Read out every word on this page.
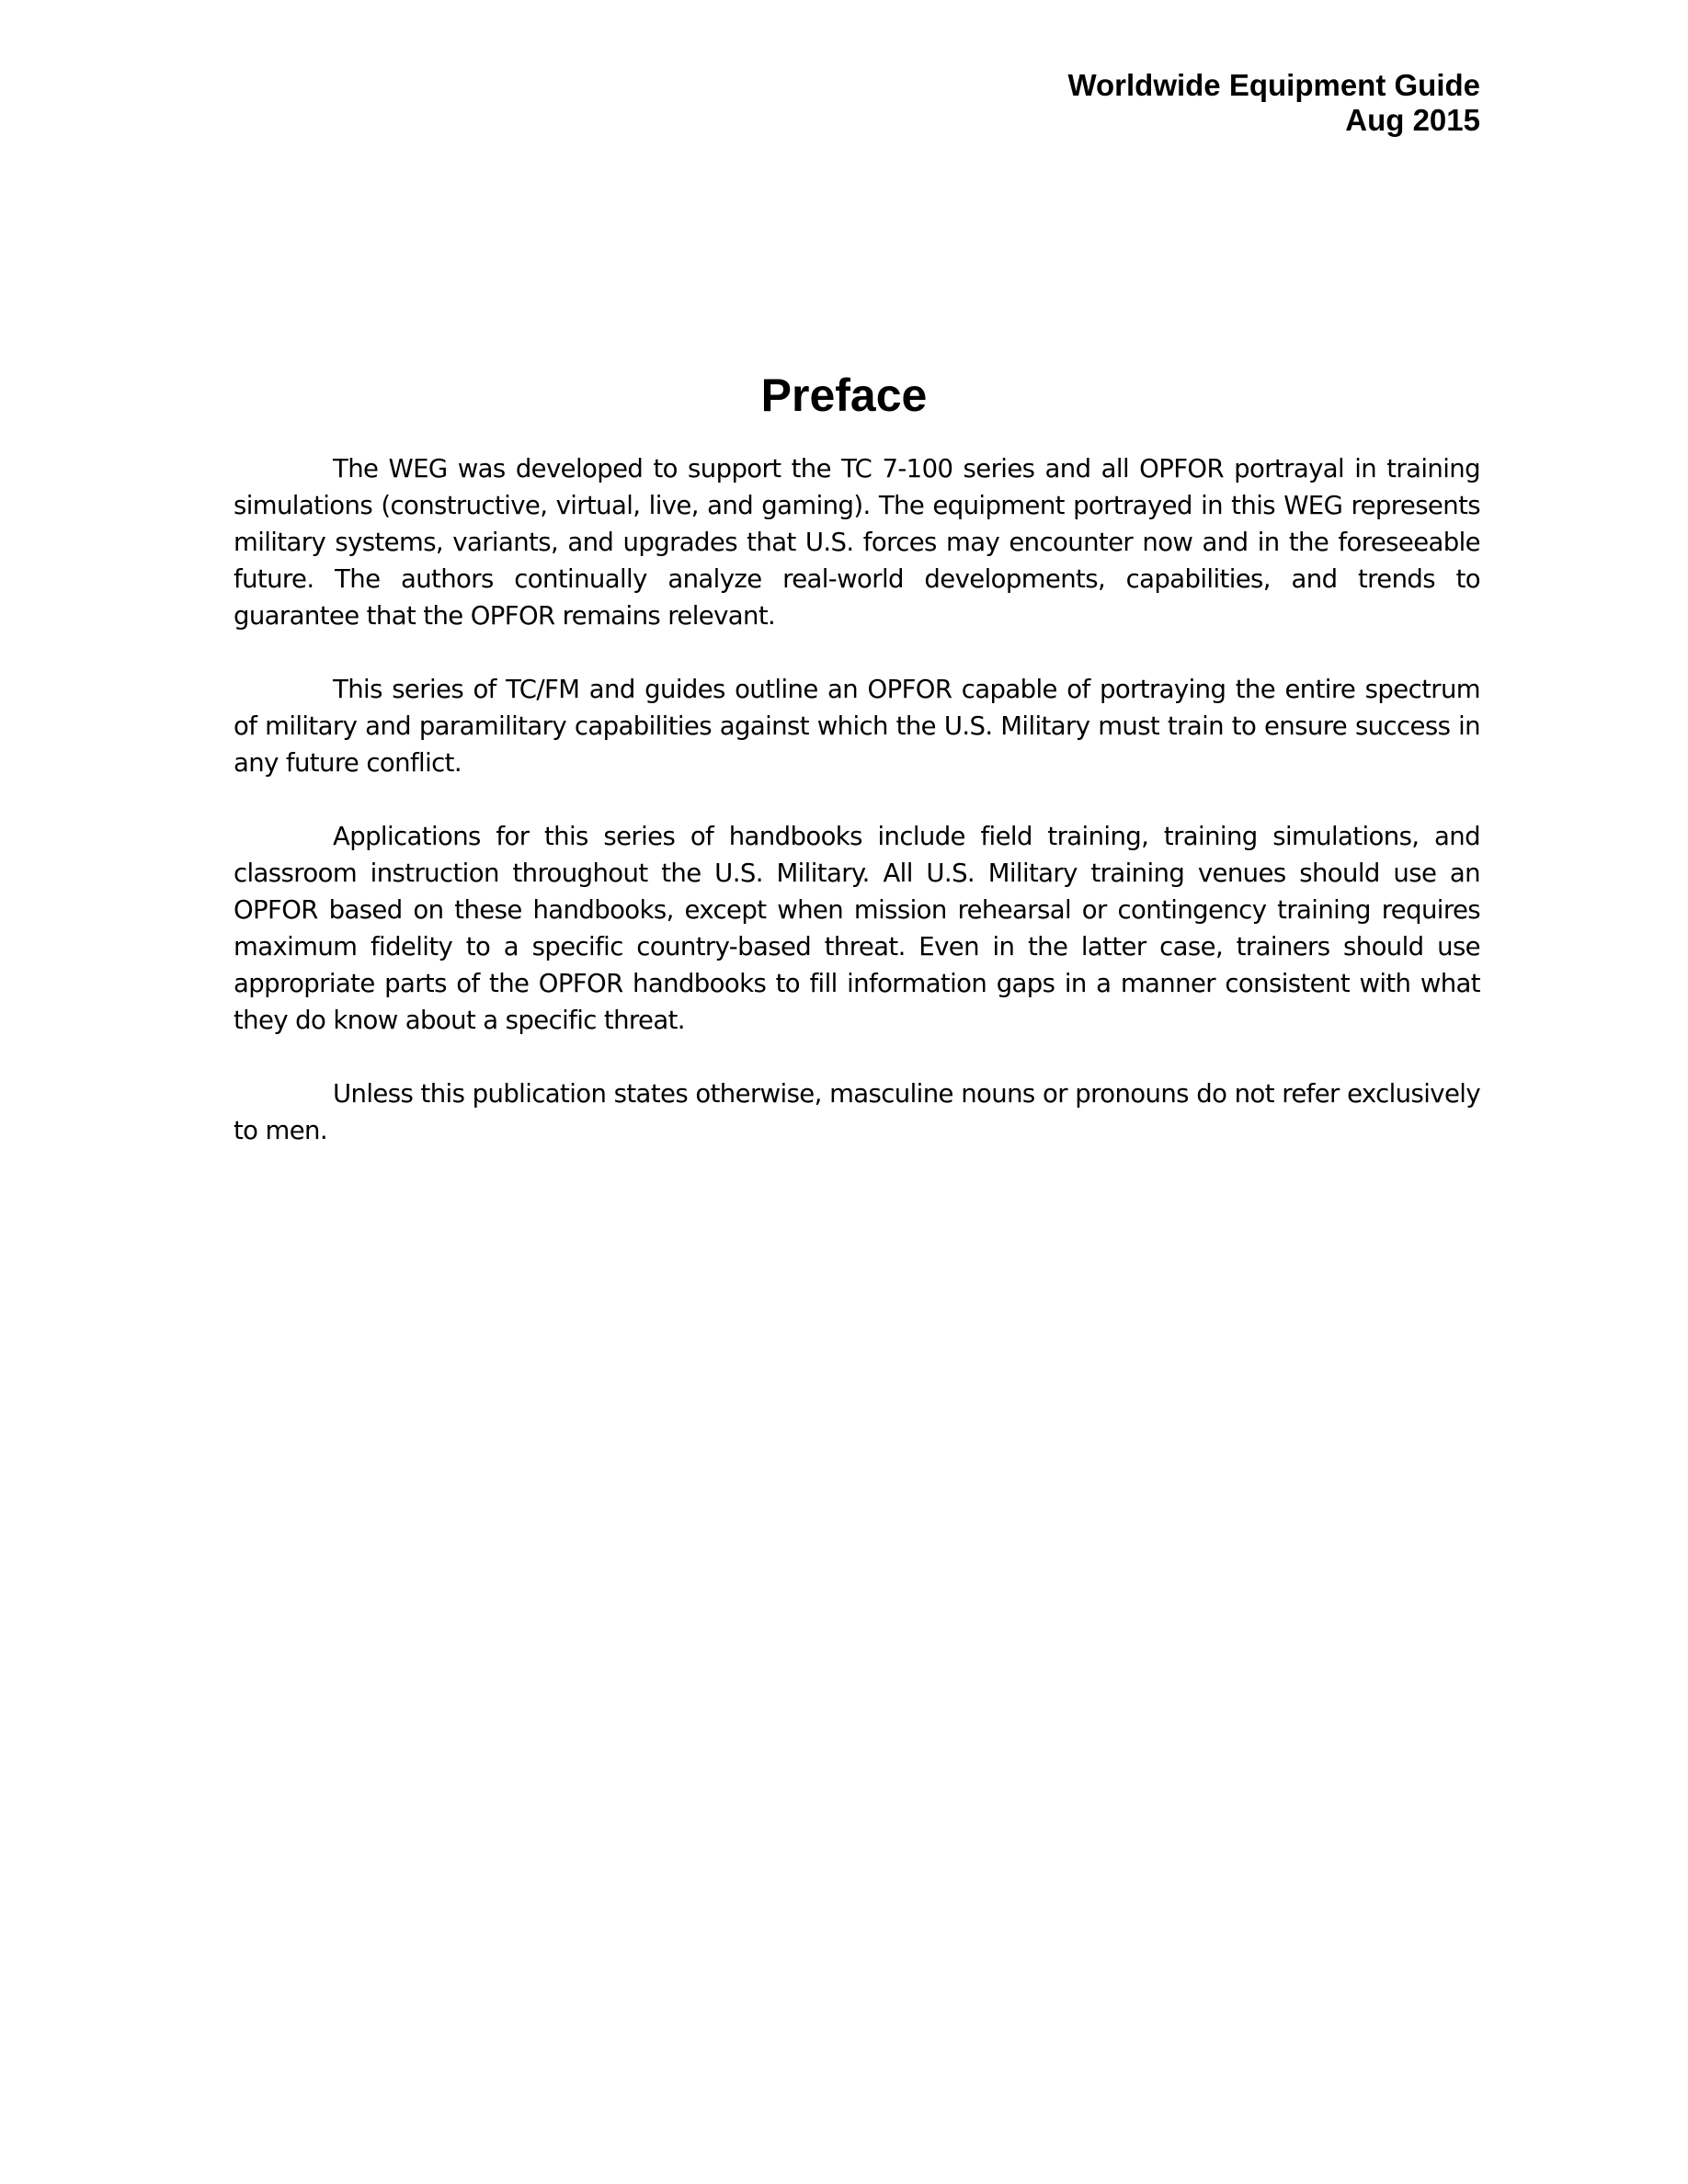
Worldwide Equipment Guide
Aug 2015
Preface

The WEG was developed to support the TC 7-100 series and all OPFOR portrayal in training simulations (constructive, virtual, live, and gaming). The equipment portrayed in this WEG represents military systems, variants, and upgrades that U.S. forces may encounter now and in the foreseeable future. The authors continually analyze real-world developments, capabilities, and trends to guarantee that the OPFOR remains relevant.

This series of TC/FM and guides outline an OPFOR capable of portraying the entire spectrum of military and paramilitary capabilities against which the U.S. Military must train to ensure success in any future conflict.

Applications for this series of handbooks include field training, training simulations, and classroom instruction throughout the U.S. Military. All U.S. Military training venues should use an OPFOR based on these handbooks, except when mission rehearsal or contingency training requires maximum fidelity to a specific country-based threat. Even in the latter case, trainers should use appropriate parts of the OPFOR handbooks to fill information gaps in a manner consistent with what they do know about a specific threat.

Unless this publication states otherwise, masculine nouns or pronouns do not refer exclusively to men.
